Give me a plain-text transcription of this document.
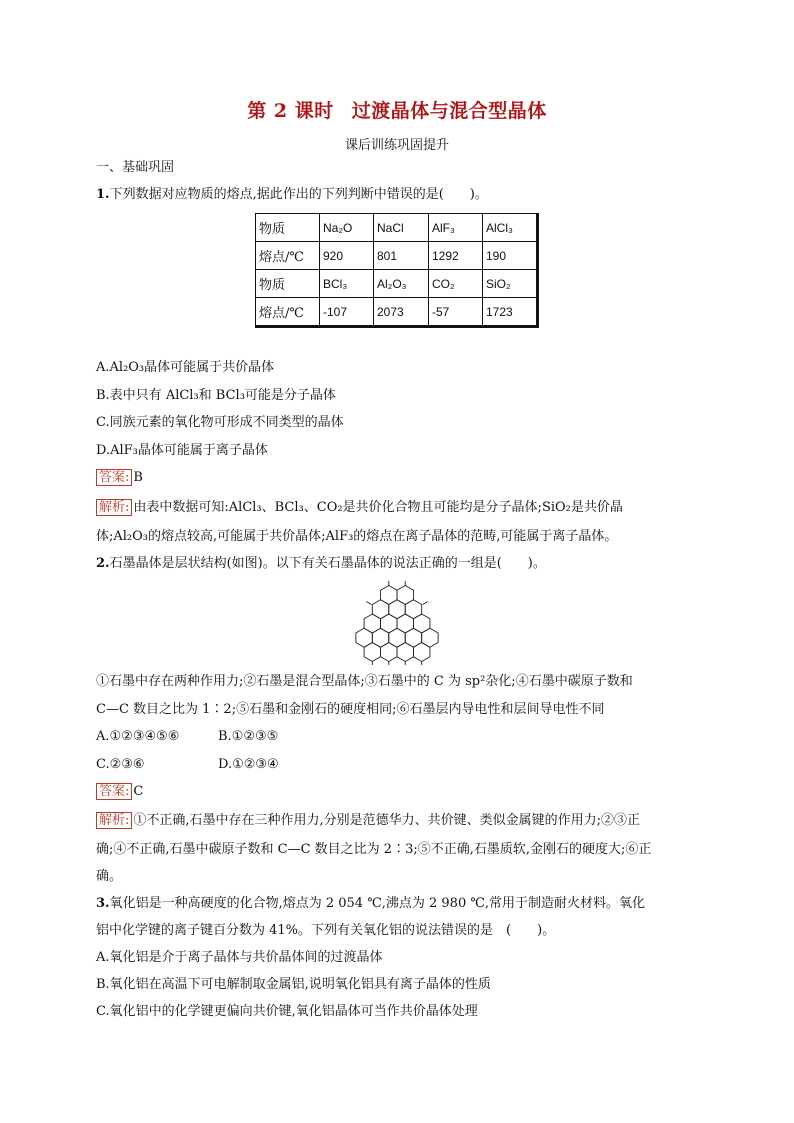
第 2 课时 过渡晶体与混合型晶体
课后训练巩固提升
一、基础巩固
1.下列数据对应物质的熔点,据此作出的下列判断中错误的是(　　)。
物质	Na₂O	NaCl	AlF₃	AlCl₃
熔点/℃	920	801	1292	190
物质	BCl₃	Al₂O₃	CO₂	SiO₂
熔点/℃	-107	2073	-57	1723
A.Al₂O₃晶体可能属于共价晶体
B.表中只有 AlCl₃和 BCl₃可能是分子晶体
C.同族元素的氧化物可形成不同类型的晶体
D.AlF₃晶体可能属于离子晶体
答案: B
解析: 由表中数据可知:AlCl₃、BCl₃、CO₂是共价化合物且可能均是分子晶体;SiO₂是共价晶
体;Al₂O₃的熔点较高,可能属于共价晶体;AlF₃的熔点在离子晶体的范畴,可能属于离子晶体。
2.石墨晶体是层状结构(如图)。以下有关石墨晶体的说法正确的一组是(　　)。
①石墨中存在两种作用力;②石墨是混合型晶体;③石墨中的 C 为 sp²杂化;④石墨中碳原子数和
C—C 数目之比为 1∶2;⑤石墨和金刚石的硬度相同;⑥石墨层内导电性和层间导电性不同
A.①②③④⑤⑥	B.①②③⑤
C.②③⑥	D.①②③④
答案: C
解析: ①不正确,石墨中存在三种作用力,分别是范德华力、共价键、类似金属键的作用力;②③正
确;④不正确,石墨中碳原子数和 C—C 数目之比为 2∶3;⑤不正确,石墨质软,金刚石的硬度大;⑥正
确。
3.氧化铝是一种高硬度的化合物,熔点为 2 054 ℃,沸点为 2 980 ℃,常用于制造耐火材料。氧化
铝中化学键的离子键百分数为 41%。下列有关氧化铝的说法错误的是　(　　)。
A.氧化铝是介于离子晶体与共价晶体间的过渡晶体
B.氧化铝在高温下可电解制取金属铝,说明氧化铝具有离子晶体的性质
C.氧化铝中的化学键更偏向共价键,氧化铝晶体可当作共价晶体处理
